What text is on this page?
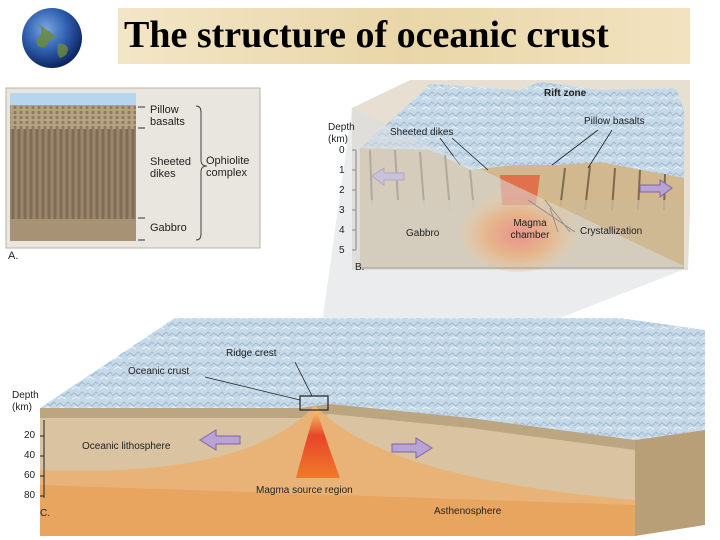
The structure of oceanic crust
Pillow basalts
Sheeted dikes
Gabbro
Ophiolite complex
A.
Rift zone
Depth (km)
0
1
2
3
4
5
Sheeted dikes
Pillow basalts
Gabbro
Magma chamber	Crystallization
B.
Ridge crest
Oceanic crust
Depth (km)
20
40
60
80
Oceanic lithosphere
Magma source region
Asthenosphere
C.
